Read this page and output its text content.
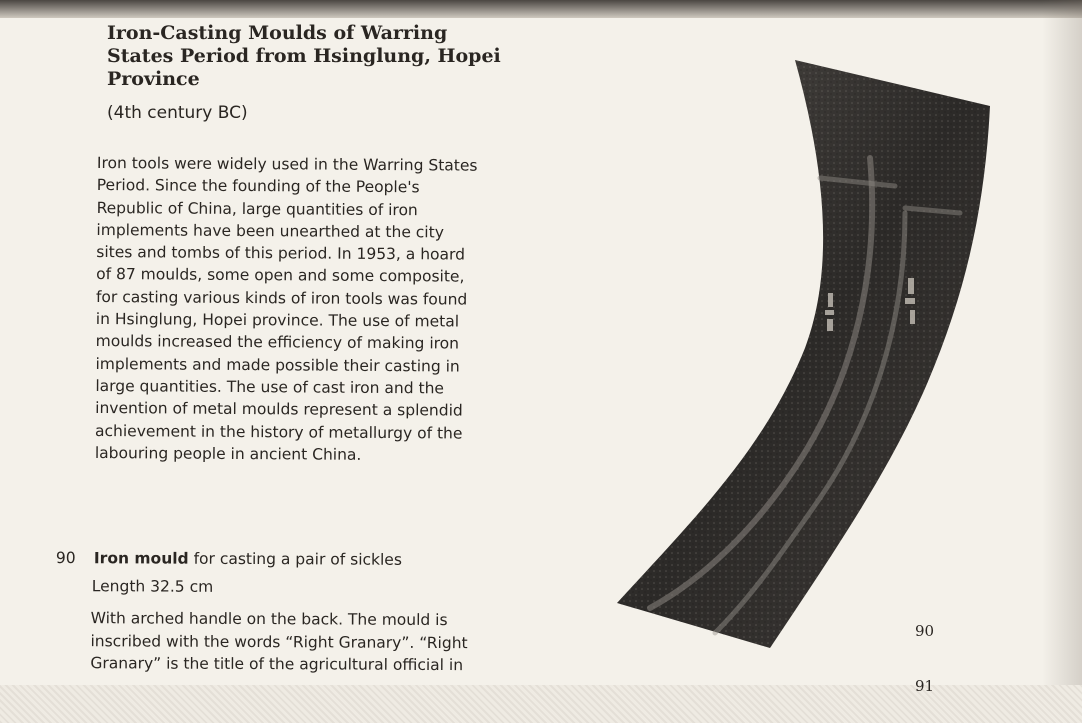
Iron-Casting Moulds of Warring States Period from Hsinglung, Hopei Province

(4th century BC)

Iron tools were widely used in the Warring States Period. Since the founding of the People's Republic of China, large quantities of iron implements have been unearthed at the city sites and tombs of this period. In 1953, a hoard of 87 moulds, some open and some composite, for casting various kinds of iron tools was found in Hsinglung, Hopei province. The use of metal moulds increased the efficiency of making iron implements and made possible their casting in large quantities. The use of cast iron and the invention of metal moulds represent a splendid achievement in the history of metallurgy of the labouring people in ancient China.

90 Iron mould for casting a pair of sickles
Length 32.5 cm

With arched handle on the back. The mould is inscribed with the words “Right Granary”. “Right Granary” is the title of the agricultural official in

90
91
